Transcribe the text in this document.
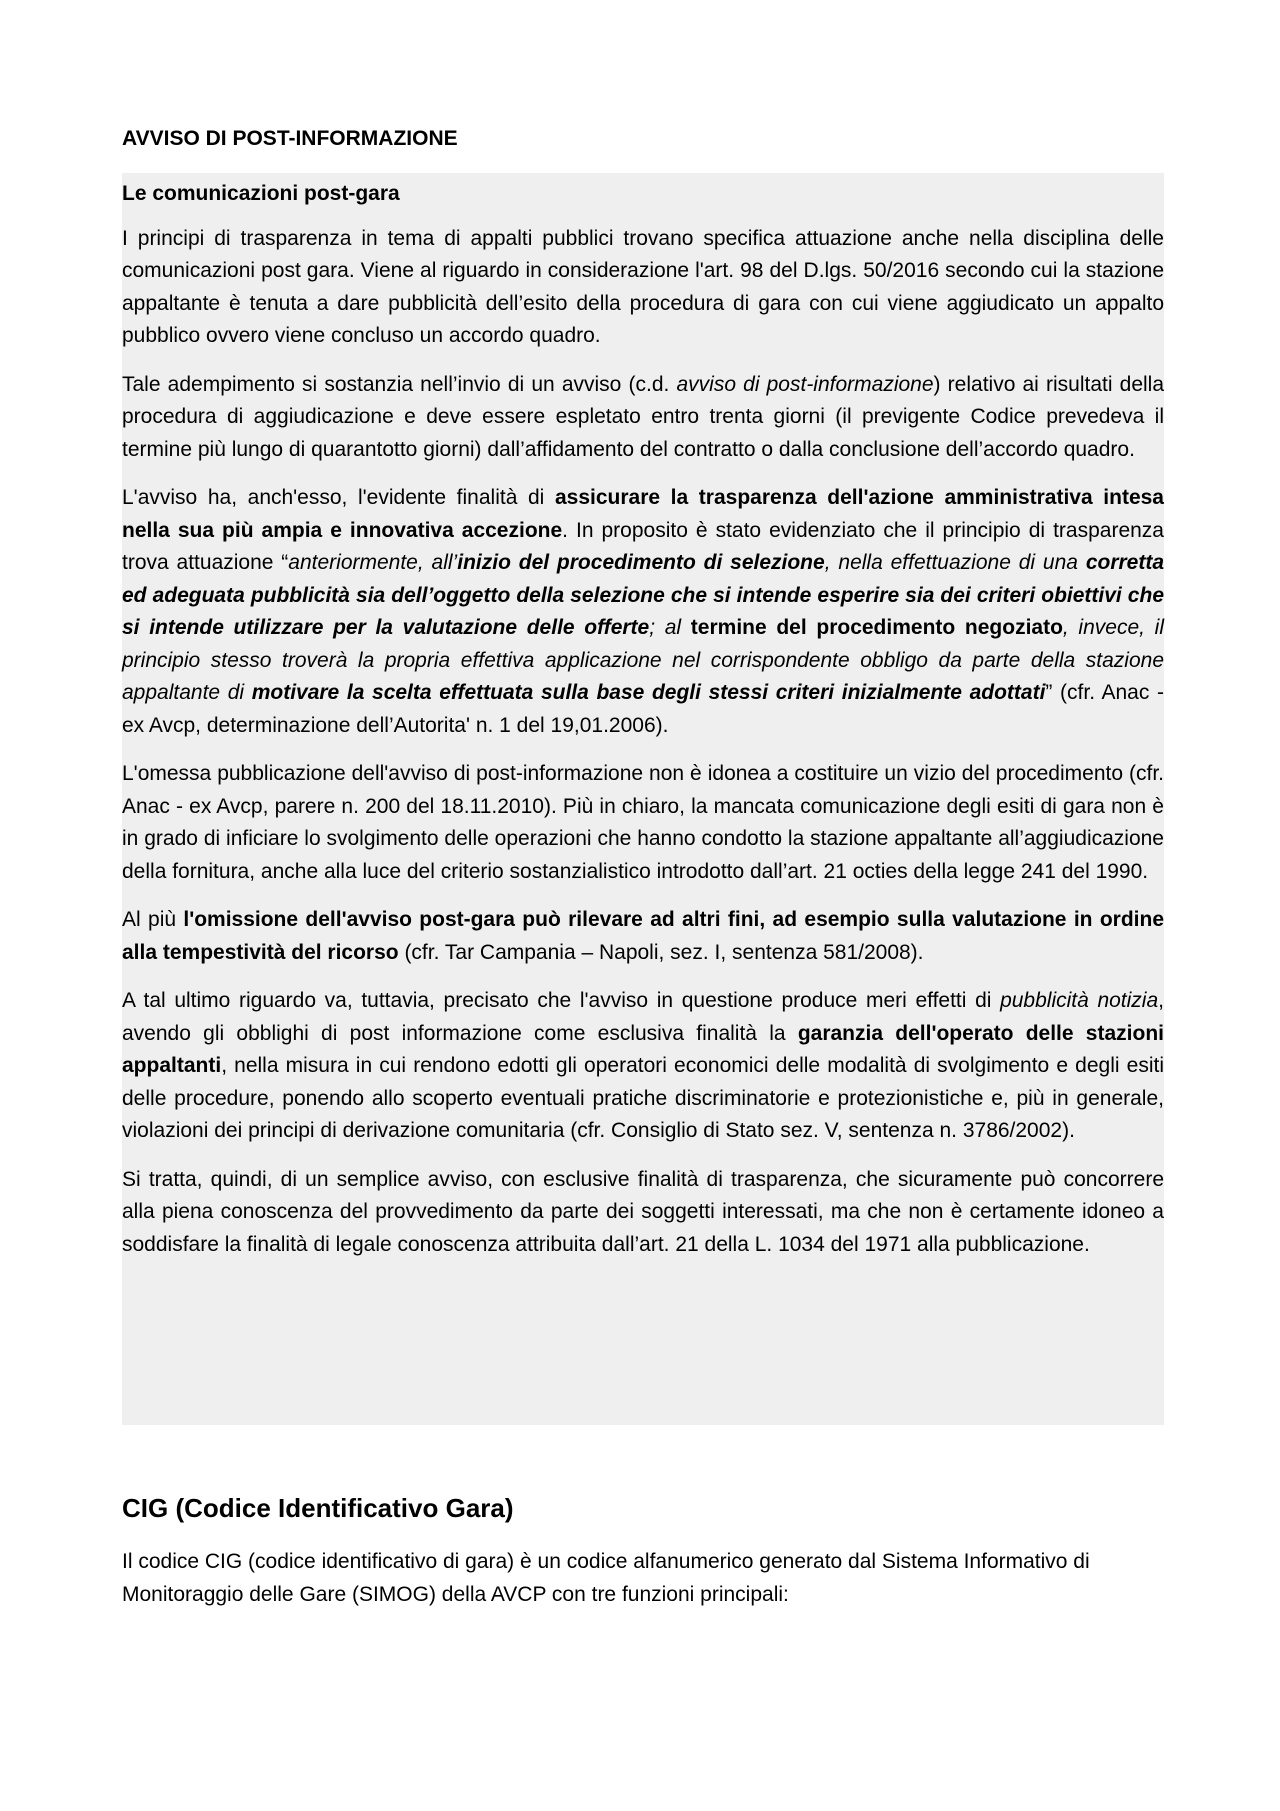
AVVISO DI POST-INFORMAZIONE

Le comunicazioni post-gara

I principi di trasparenza in tema di appalti pubblici trovano specifica attuazione anche nella disciplina delle comunicazioni post gara. Viene al riguardo in considerazione l'art. 98 del D.lgs. 50/2016 secondo cui la stazione appaltante è tenuta a dare pubblicità dell’esito della procedura di gara con cui viene aggiudicato un appalto pubblico ovvero viene concluso un accordo quadro.

Tale adempimento si sostanzia nell’invio di un avviso (c.d. avviso di post-informazione) relativo ai risultati della procedura di aggiudicazione e deve essere espletato entro trenta giorni (il previgente Codice prevedeva il termine più lungo di quarantotto giorni) dall’affidamento del contratto o dalla conclusione dell’accordo quadro.

L'avviso ha, anch'esso, l'evidente finalità di assicurare la trasparenza dell'azione amministrativa intesa nella sua più ampia e innovativa accezione. In proposito è stato evidenziato che il principio di trasparenza trova attuazione “anteriormente, all’inizio del procedimento di selezione, nella effettuazione di una corretta ed adeguata pubblicità sia dell’oggetto della selezione che si intende esperire sia dei criteri obiettivi che si intende utilizzare per la valutazione delle offerte; al termine del procedimento negoziato, invece, il principio stesso troverà la propria effettiva applicazione nel corrispondente obbligo da parte della stazione appaltante di motivare la scelta effettuata sulla base degli stessi criteri inizialmente adottati” (cfr. Anac - ex Avcp, determinazione dell’Autorita' n. 1 del 19,01.2006).

L'omessa pubblicazione dell'avviso di post-informazione non è idonea a costituire un vizio del procedimento (cfr. Anac - ex Avcp, parere n. 200 del 18.11.2010). Più in chiaro, la mancata comunicazione degli esiti di gara non è in grado di inficiare lo svolgimento delle operazioni che hanno condotto la stazione appaltante all’aggiudicazione della fornitura, anche alla luce del criterio sostanzialistico introdotto dall’art. 21 octies della legge 241 del 1990.

Al più l'omissione dell'avviso post-gara può rilevare ad altri fini, ad esempio sulla valutazione in ordine alla tempestività del ricorso (cfr. Tar Campania – Napoli, sez. I, sentenza 581/2008).

A tal ultimo riguardo va, tuttavia, precisato che l'avviso in questione produce meri effetti di pubblicità notizia, avendo gli obblighi di post informazione come esclusiva finalità la garanzia dell'operato delle stazioni appaltanti, nella misura in cui rendono edotti gli operatori economici delle modalità di svolgimento e degli esiti delle procedure, ponendo allo scoperto eventuali pratiche discriminatorie e protezionistiche e, più in generale, violazioni dei principi di derivazione comunitaria (cfr. Consiglio di Stato sez. V, sentenza n. 3786/2002).

Si tratta, quindi, di un semplice avviso, con esclusive finalità di trasparenza, che sicuramente può concorrere alla piena conoscenza del provvedimento da parte dei soggetti interessati, ma che non è certamente idoneo a soddisfare la finalità di legale conoscenza attribuita dall’art. 21 della L. 1034 del 1971 alla pubblicazione.

CIG (Codice Identificativo Gara)

Il codice CIG (codice identificativo di gara) è un codice alfanumerico generato dal Sistema Informativo di Monitoraggio delle Gare (SIMOG) della AVCP con tre funzioni principali:
